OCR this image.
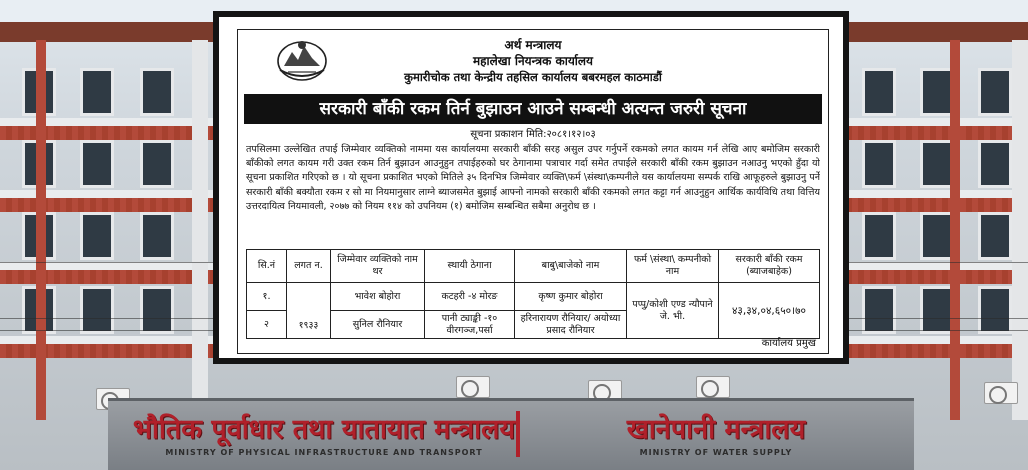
भौतिक पूर्वाधार तथा यातायात मन्त्रालय
MINISTRY OF PHYSICAL INFRASTRUCTURE AND TRANSPORT
खानेपानी मन्त्रालय
MINISTRY OF WATER SUPPLY
अर्थ मन्त्रालय
महालेखा नियन्त्रक कार्यालय
कुमारीचोक तथा केन्द्रीय तहसिल कार्यालय बबरमहल काठमाडौं
सरकारी बाँकी रकम तिर्न बुझाउन आउने सम्बन्धी अत्यन्त जरुरी सूचना
सूचना प्रकाशन मिति:२०८१।१२।०३
तपसिलमा उल्लेखित तपाई जिम्मेवार व्यक्तिको नाममा यस कार्यालयमा सरकारी बाँकी सरह असुल उपर गर्नुपर्ने रकमको लगत कायम गर्न लेखि आए बमोजिम सरकारी बाँकीको लगत कायम गरी उक्त रकम तिर्न बुझाउन आउनुहुन तपाईहरुको घर ठेगानामा पत्राचार गर्दा समेत तपाईले सरकारी बाँकी रकम बुझाउन नआउनु भएको हुँदा यो सूचना प्रकाशित गरिएको छ । यो सूचना प्रकाशित भएको मितिले ३५ दिनभित्र जिम्मेवार व्यक्ति\फर्म \संस्था\कम्पनीले यस कार्यालयमा सम्पर्क राखि आफूहरुले बुझाउनु पर्ने सरकारी बाँकी बक्यौता रकम र सो मा नियमानुसार लाग्ने ब्याजसमेत बुझाई आफ्नो नामको सरकारी बाँकी रकमको लगत कट्टा गर्न आउनुहुन आर्थिक कार्यविधि तथा वित्तिय उत्तरदायित्व नियमावली, २०७७ को नियम ११४ को उपनियम (१) बमोजिम सम्बन्धित सबैमा अनुरोध छ ।
सि.नं	लगत न.	जिम्मेवार व्यक्तिको नाम थर	स्थायी ठेगाना	बाबु\बाजेको नाम	फर्म \संस्था\ कम्पनीको नाम	सरकारी बाँकी रकम (ब्याजबाहेक)
१.	१९३३	भावेश बोहोरा	कटहरी -४ मोरङ	कृष्ण कुमार बोहोरा	पप्पु/कोशी एण्ड न्यौपाने जे. भी.	४३,३४,०४,६५०।७०
२		सुनिल रौनियार	पानी ट्याङ्की -१० वीरगञ्ज,पर्सा	हरिनारायण रौनियार/ अयोध्या प्रसाद रौनियार		
कार्यालय प्रमुख
